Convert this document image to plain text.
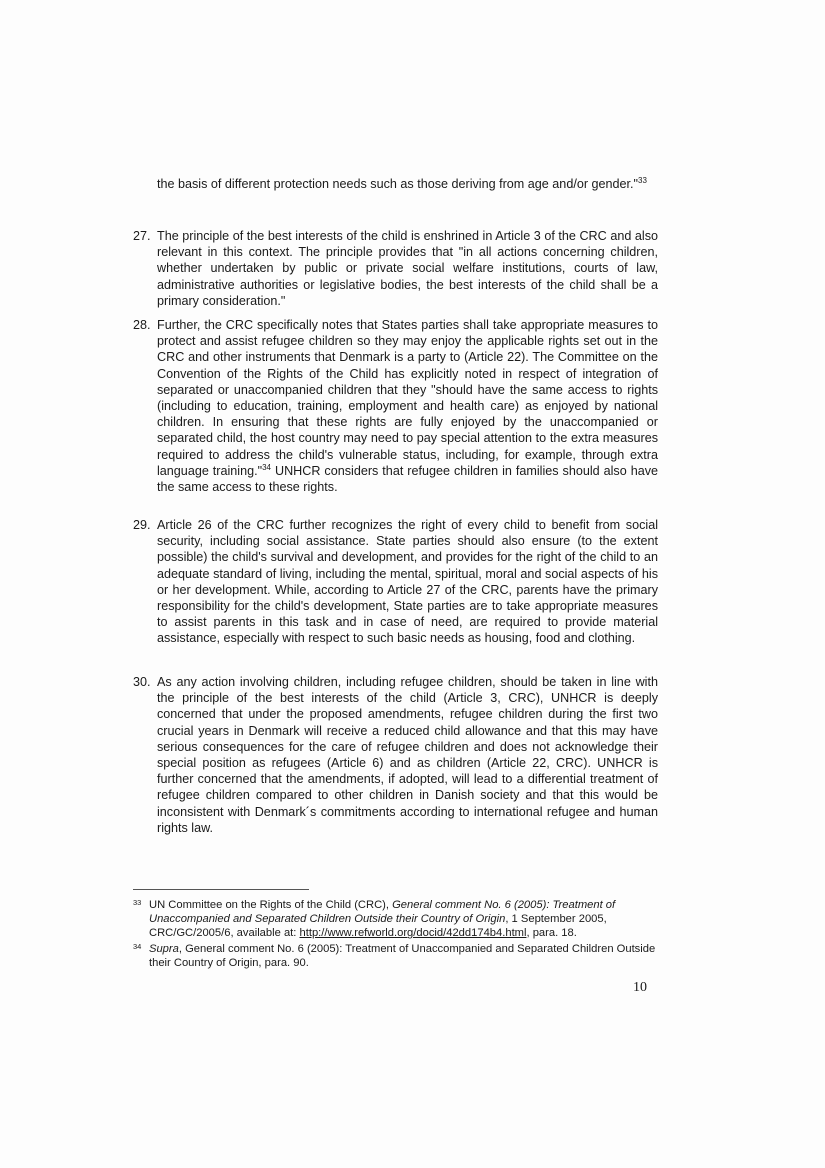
the basis of different protection needs such as those deriving from age and/or gender."$^{33}$
27. The principle of the best interests of the child is enshrined in Article 3 of the CRC and also relevant in this context. The principle provides that "in all actions concerning children, whether undertaken by public or private social welfare institutions, courts of law, administrative authorities or legislative bodies, the best interests of the child shall be a primary consideration."
28. Further, the CRC specifically notes that States parties shall take appropriate measures to protect and assist refugee children so they may enjoy the applicable rights set out in the CRC and other instruments that Denmark is a party to (Article 22). The Committee on the Convention of the Rights of the Child has explicitly noted in respect of integration of separated or unaccompanied children that they "should have the same access to rights (including to education, training, employment and health care) as enjoyed by national children. In ensuring that these rights are fully enjoyed by the unaccompanied or separated child, the host country may need to pay special attention to the extra measures required to address the child's vulnerable status, including, for example, through extra language training."$^{34}$ UNHCR considers that refugee children in families should also have the same access to these rights.
29. Article 26 of the CRC further recognizes the right of every child to benefit from social security, including social assistance. State parties should also ensure (to the extent possible) the child's survival and development, and provides for the right of the child to an adequate standard of living, including the mental, spiritual, moral and social aspects of his or her development. While, according to Article 27 of the CRC, parents have the primary responsibility for the child's development, State parties are to take appropriate measures to assist parents in this task and in case of need, are required to provide material assistance, especially with respect to such basic needs as housing, food and clothing.
30. As any action involving children, including refugee children, should be taken in line with the principle of the best interests of the child (Article 3, CRC), UNHCR is deeply concerned that under the proposed amendments, refugee children during the first two crucial years in Denmark will receive a reduced child allowance and that this may have serious consequences for the care of refugee children and does not acknowledge their special position as refugees (Article 6) and as children (Article 22, CRC). UNHCR is further concerned that the amendments, if adopted, will lead to a differential treatment of refugee children compared to other children in Danish society and that this would be inconsistent with Denmark´s commitments according to international refugee and human rights law.
33 UN Committee on the Rights of the Child (CRC), General comment No. 6 (2005): Treatment of Unaccompanied and Separated Children Outside their Country of Origin, 1 September 2005, CRC/GC/2005/6, available at: http://www.refworld.org/docid/42dd174b4.html, para. 18.
34 Supra, General comment No. 6 (2005): Treatment of Unaccompanied and Separated Children Outside their Country of Origin, para. 90.
10
